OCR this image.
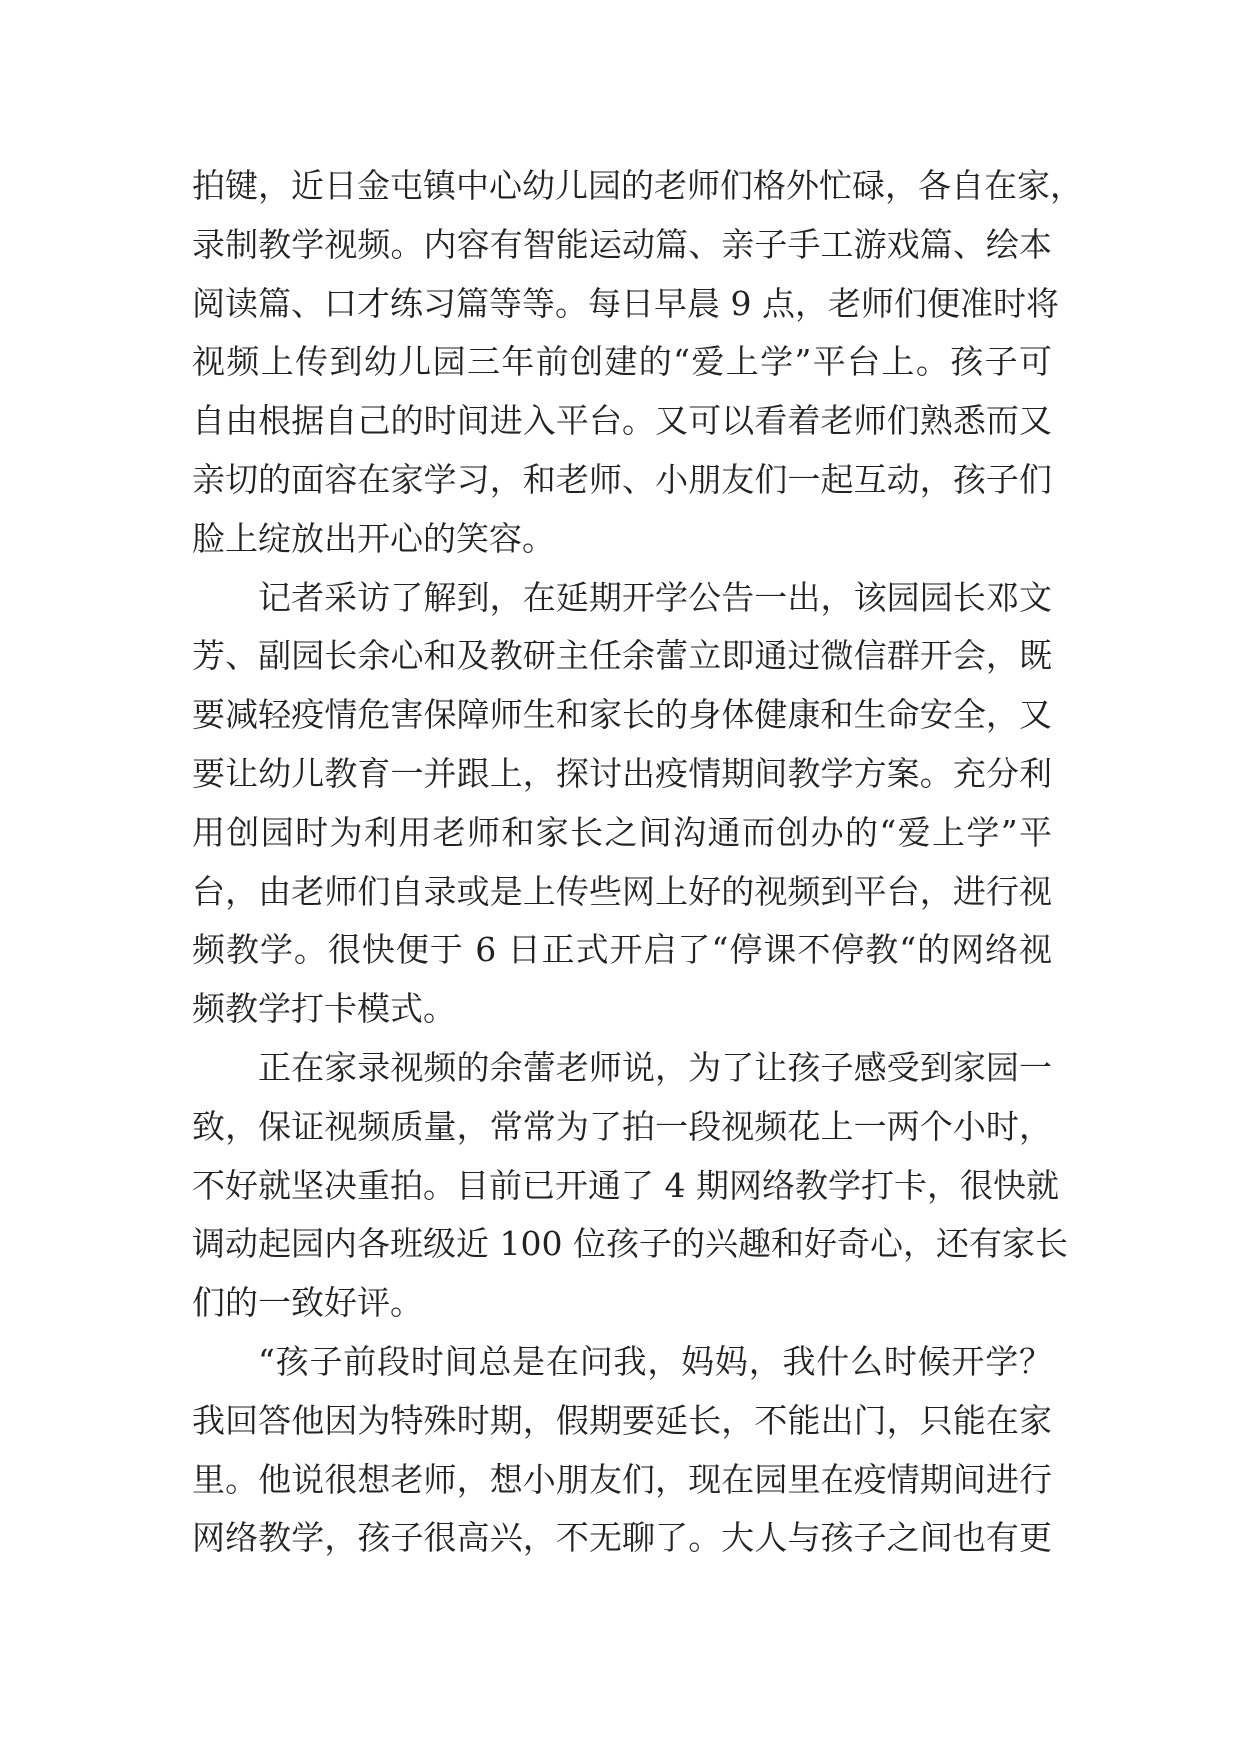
拍键，近日金屯镇中心幼儿园的老师们格外忙碌，各自在家，
录制教学视频。内容有智能运动篇、亲子手工游戏篇、绘本
阅读篇、口才练习篇等等。每日早晨 9 点，老师们便准时将
视频上传到幼儿园三年前创建的“爱上学”平台上。孩子可
自由根据自己的时间进入平台。又可以看着老师们熟悉而又
亲切的面容在家学习，和老师、小朋友们一起互动，孩子们
脸上绽放出开心的笑容。
记者采访了解到，在延期开学公告一出，该园园长邓文
芳、副园长余心和及教研主任余蕾立即通过微信群开会，既
要减轻疫情危害保障师生和家长的身体健康和生命安全，又
要让幼儿教育一并跟上，探讨出疫情期间教学方案。充分利
用创园时为利用老师和家长之间沟通而创办的“爱上学”平
台，由老师们自录或是上传些网上好的视频到平台，进行视
频教学。很快便于 6 日正式开启了“停课不停教“的网络视
频教学打卡模式。
正在家录视频的余蕾老师说，为了让孩子感受到家园一
致，保证视频质量，常常为了拍一段视频花上一两个小时，
不好就坚决重拍。目前已开通了 4 期网络教学打卡，很快就
调动起园内各班级近 100 位孩子的兴趣和好奇心，还有家长
们的一致好评。
“孩子前段时间总是在问我，妈妈，我什么时候开学？
我回答他因为特殊时期，假期要延长，不能出门，只能在家
里。他说很想老师，想小朋友们，现在园里在疫情期间进行
网络教学，孩子很高兴，不无聊了。大人与孩子之间也有更
